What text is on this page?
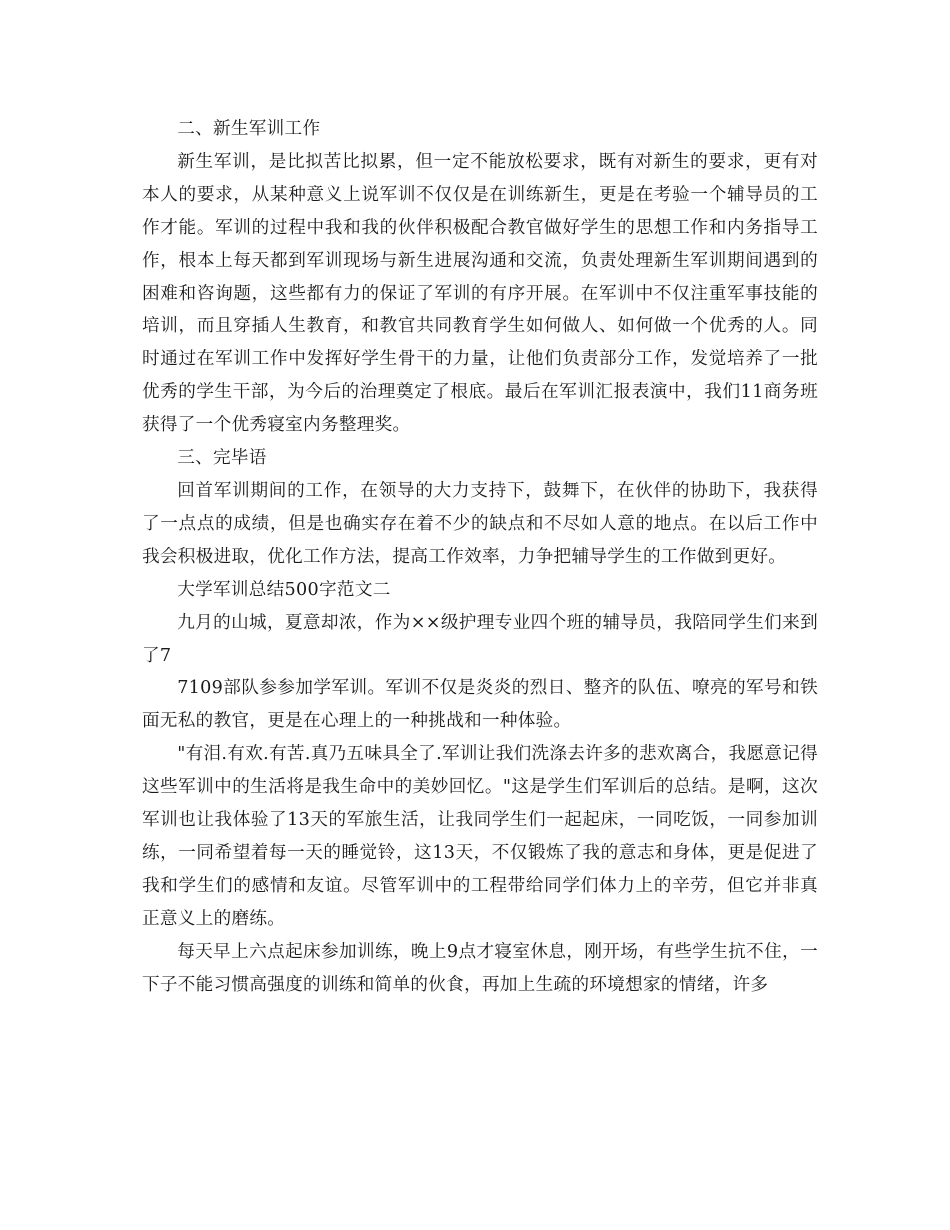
二、新生军训工作

新生军训，是比拟苦比拟累，但一定不能放松要求，既有对新生的要求，更有对本人的要求，从某种意义上说军训不仅仅是在训练新生，更是在考验一个辅导员的工作才能。军训的过程中我和我的伙伴积极配合教官做好学生的思想工作和内务指导工作，根本上每天都到军训现场与新生进展沟通和交流，负责处理新生军训期间遇到的困难和咨询题，这些都有力的保证了军训的有序开展。在军训中不仅注重军事技能的培训，而且穿插人生教育，和教官共同教育学生如何做人、如何做一个优秀的人。同时通过在军训工作中发挥好学生骨干的力量，让他们负责部分工作，发觉培养了一批优秀的学生干部，为今后的治理奠定了根底。最后在军训汇报表演中，我们11商务班获得了一个优秀寝室内务整理奖。

三、完毕语

回首军训期间的工作，在领导的大力支持下，鼓舞下，在伙伴的协助下，我获得了一点点的成绩，但是也确实存在着不少的缺点和不尽如人意的地点。在以后工作中我会积极进取，优化工作方法，提高工作效率，力争把辅导学生的工作做到更好。

大学军训总结500字范文二

九月的山城，夏意却浓，作为××级护理专业四个班的辅导员，我陪同学生们来到了7

7109部队参参加学军训。军训不仅是炎炎的烈日、整齐的队伍、嘹亮的军号和铁面无私的教官，更是在心理上的一种挑战和一种体验。

"有泪.有欢.有苦.真乃五味具全了.军训让我们洗涤去许多的悲欢离合，我愿意记得这些军训中的生活将是我生命中的美妙回忆。"这是学生们军训后的总结。是啊，这次军训也让我体验了13天的军旅生活，让我同学生们一起起床，一同吃饭，一同参加训练，一同希望着每一天的睡觉铃，这13天，不仅锻炼了我的意志和身体，更是促进了我和学生们的感情和友谊。尽管军训中的工程带给同学们体力上的辛劳，但它并非真正意义上的磨练。

每天早上六点起床参加训练，晚上9点才寝室休息，刚开场，有些学生抗不住，一下子不能习惯高强度的训练和简单的伙食，再加上生疏的环境想家的情绪，许多
